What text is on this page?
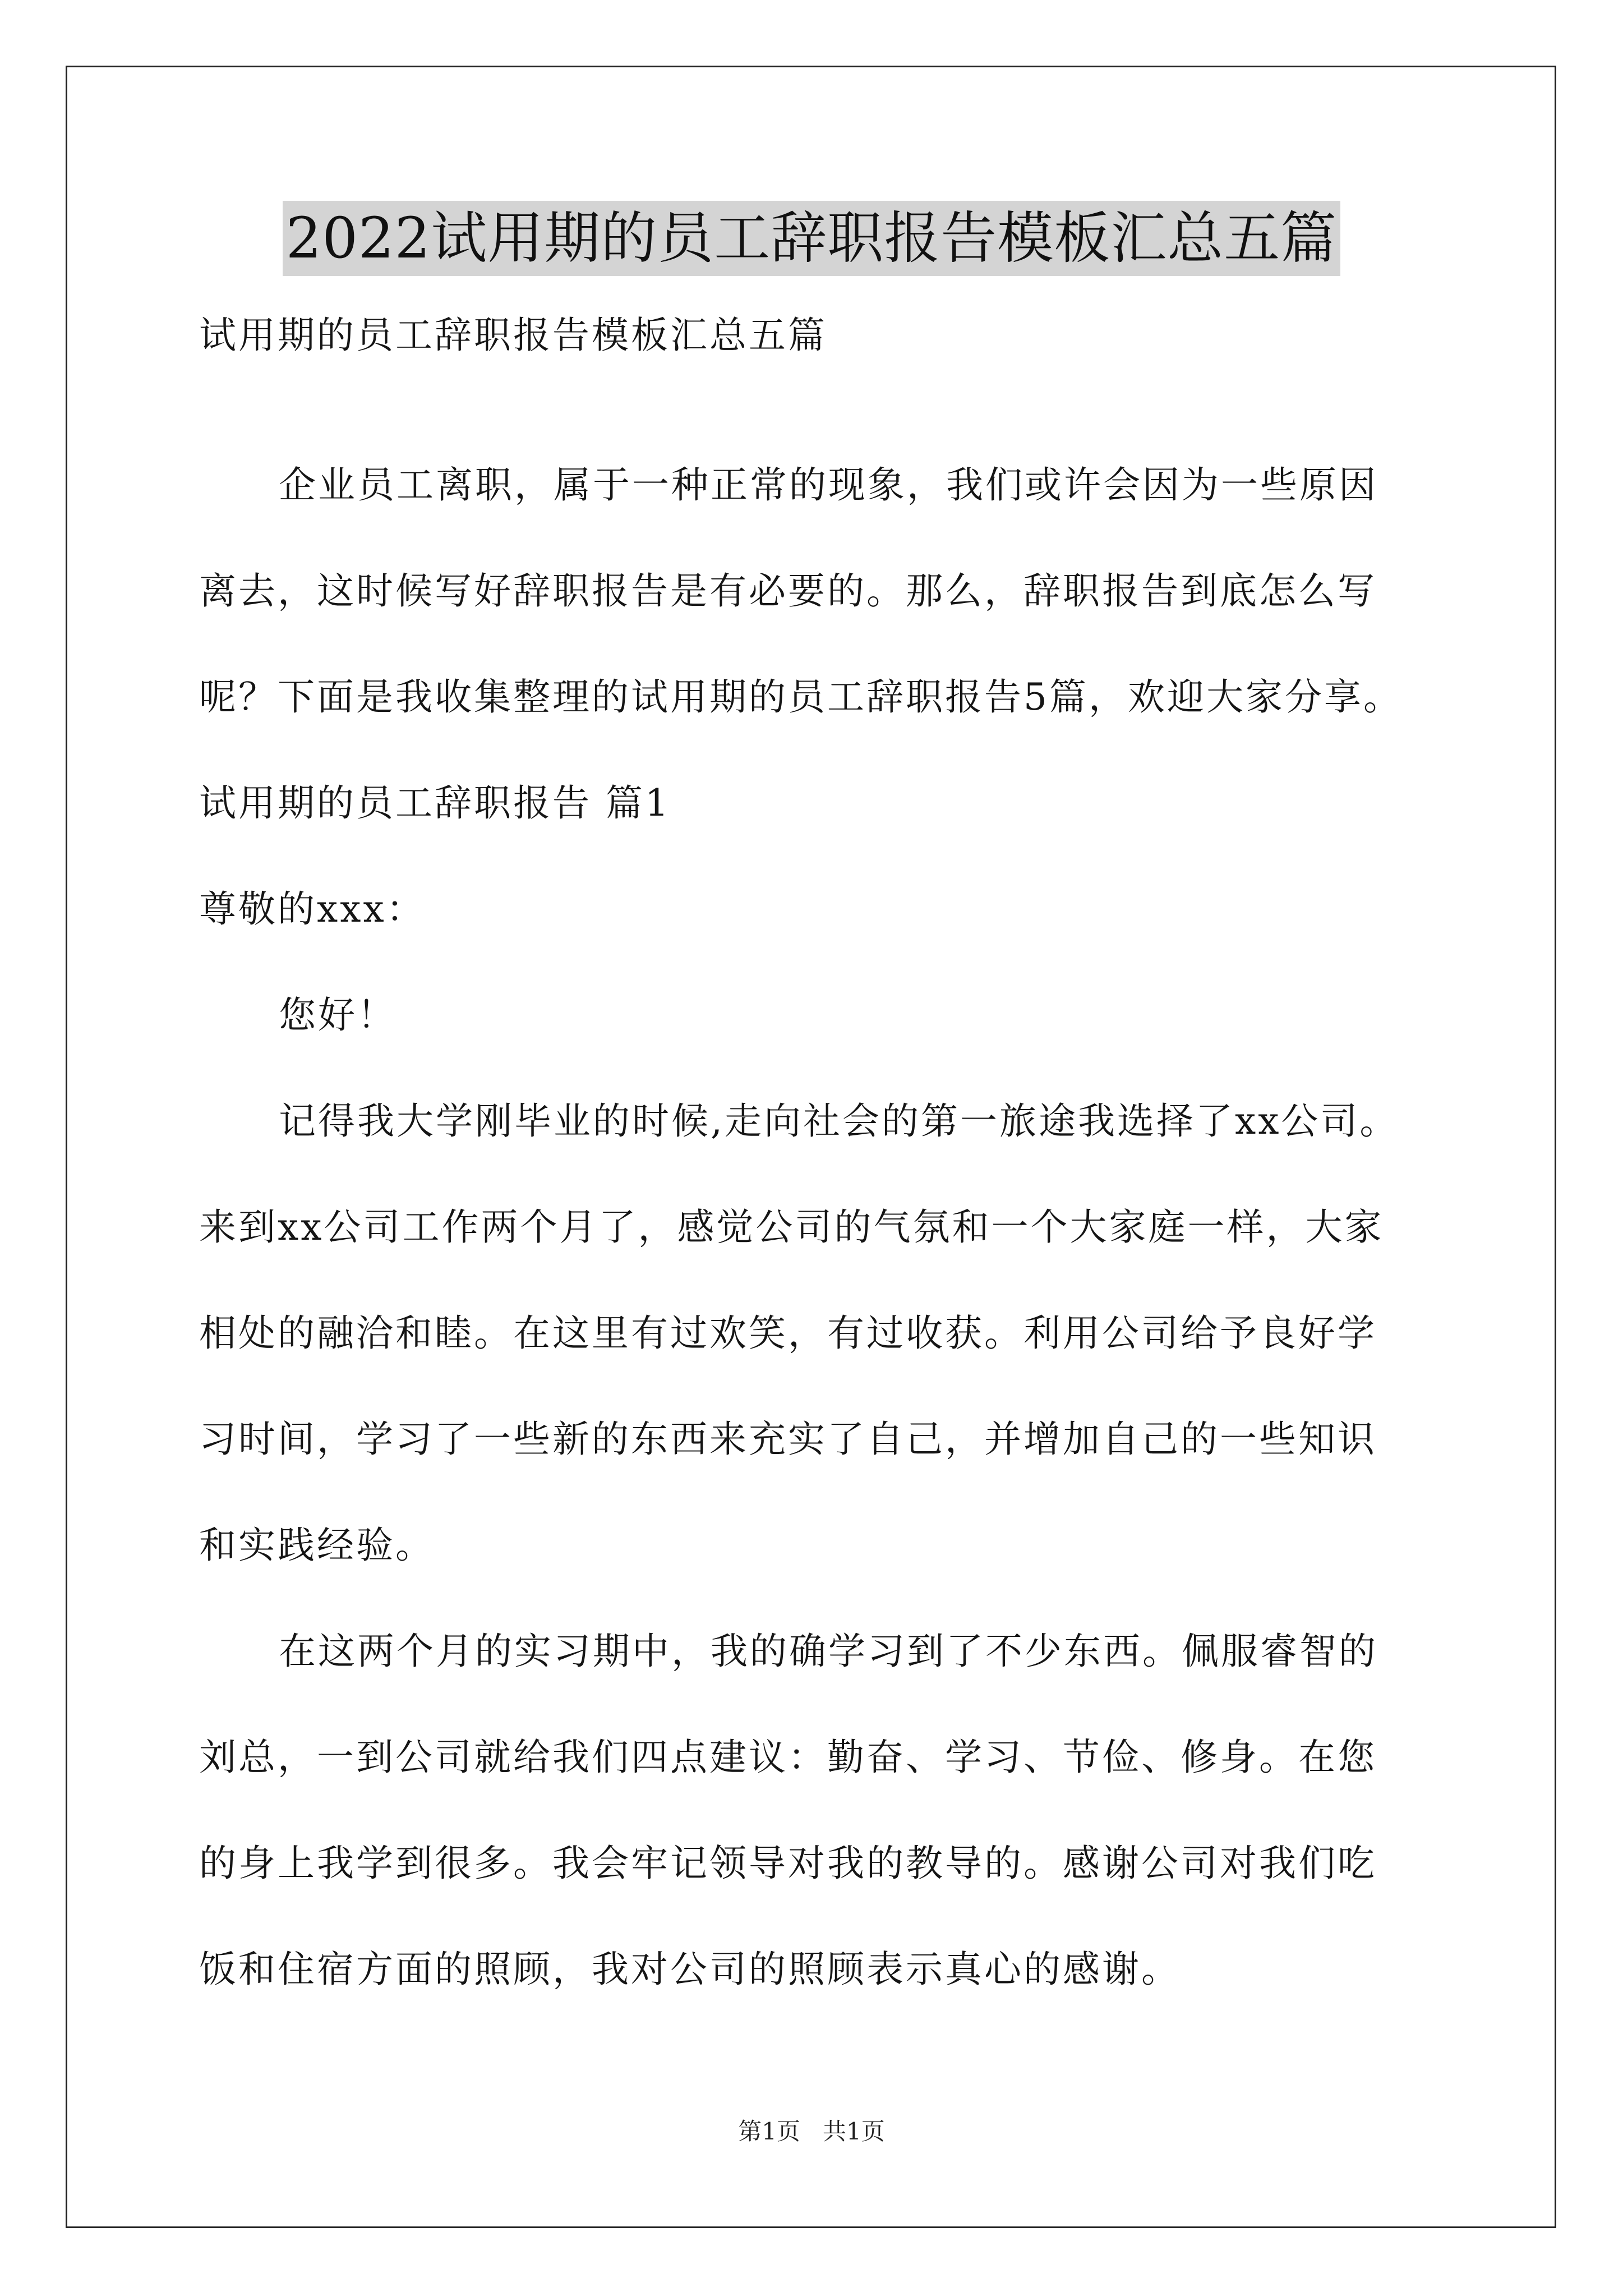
2022试用期的员工辞职报告模板汇总五篇
试用期的员工辞职报告模板汇总五篇
企业员工离职，属于一种正常的现象，我们或许会因为一些原因
离去，这时候写好辞职报告是有必要的。那么，辞职报告到底怎么写
呢？下面是我收集整理的试用期的员工辞职报告5篇，欢迎大家分享。
试用期的员工辞职报告 篇1
尊敬的xxx：
您好！
记得我大学刚毕业的时候,走向社会的第一旅途我选择了xx公司。
来到xx公司工作两个月了，感觉公司的气氛和一个大家庭一样，大家
相处的融洽和睦。在这里有过欢笑，有过收获。利用公司给予良好学
习时间，学习了一些新的东西来充实了自己，并增加自己的一些知识
和实践经验。
在这两个月的实习期中，我的确学习到了不少东西。佩服睿智的
刘总，一到公司就给我们四点建议：勤奋、学习、节俭、修身。在您
的身上我学到很多。我会牢记领导对我的教导的。感谢公司对我们吃
饭和住宿方面的照顾，我对公司的照顾表示真心的感谢。
第1页   共1页
